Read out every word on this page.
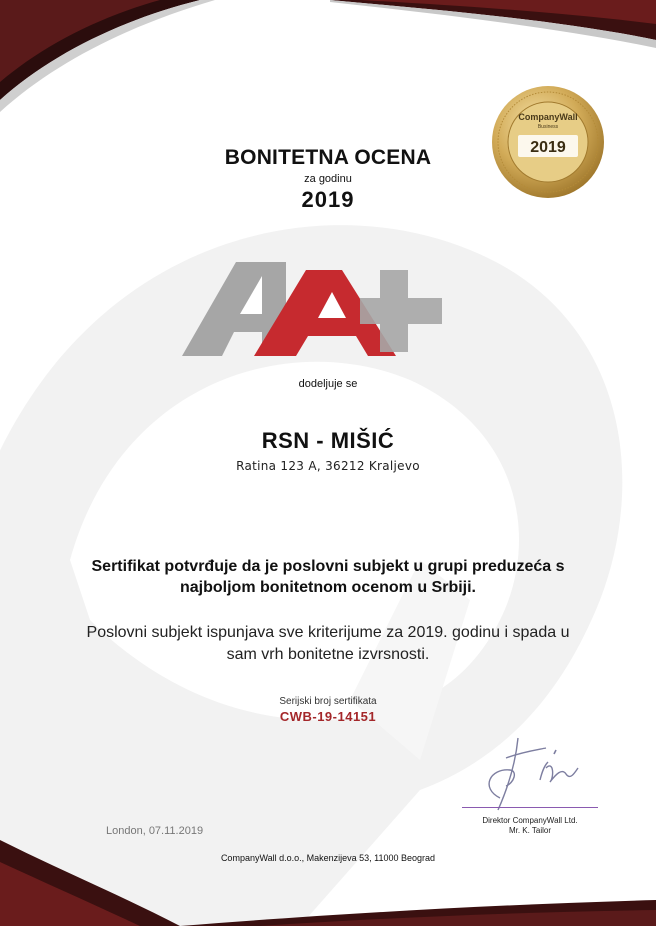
CompanyWall
Business
2019
BONITETNA OCENA
za godinu
2019
dodeljuje se
RSN - MIŠIĆ
Ratina 123 A, 36212 Kraljevo
Sertifikat potvrđuje da je poslovni subjekt u grupi preduzeća s najboljom bonitetnom ocenom u Srbiji.
Poslovni subjekt ispunjava sve kriterijume za 2019. godinu i spada u sam vrh bonitetne izvrsnosti.
Serijski broj sertifikata
CWB-19-14151
Direktor CompanyWall Ltd.
Mr. K. Tailor
London, 07.11.2019
CompanyWall d.o.o., Makenzijeva 53, 11000 Beograd
